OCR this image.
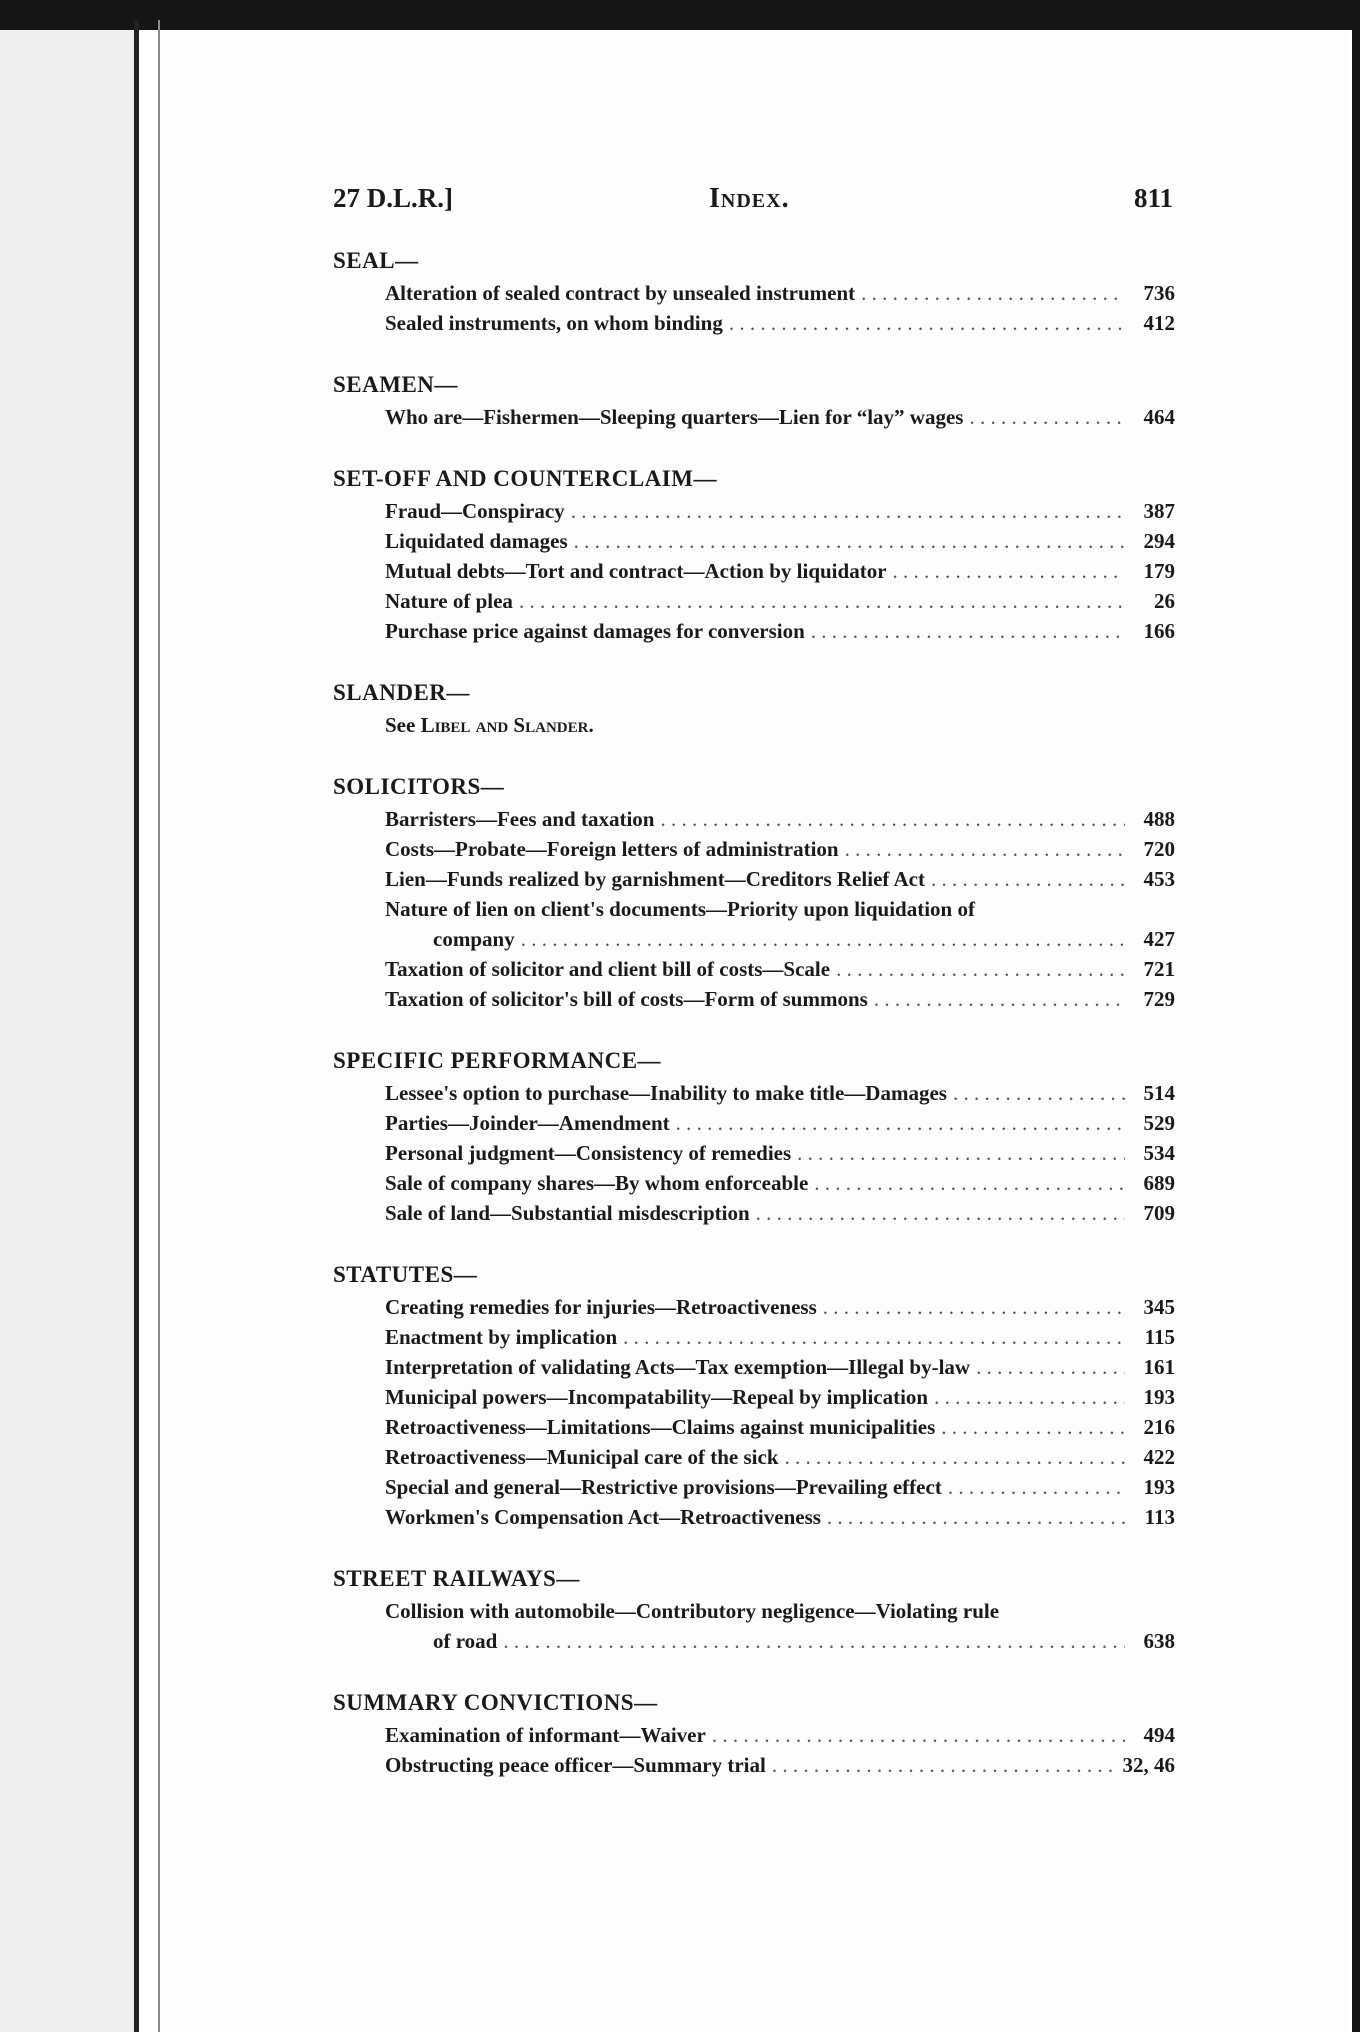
27 D.L.R.]	Index.	811
SEAL—
Alteration of sealed contract by unsealed instrument . . .	736
Sealed instruments, on whom binding . . .	412
SEAMEN—
Who are—Fishermen—Sleeping quarters—Lien for “lay” wages . . .	464
SET-OFF AND COUNTERCLAIM—
Fraud—Conspiracy . . .	387
Liquidated damages . . .	294
Mutual debts—Tort and contract—Action by liquidator . . .	179
Nature of plea . . .	26
Purchase price against damages for conversion . . .	166
SLANDER—
See Libel and Slander.
SOLICITORS—
Barristers—Fees and taxation . . .	488
Costs—Probate—Foreign letters of administration . . .	720
Lien—Funds realized by garnishment—Creditors Relief Act . . .	453
Nature of lien on client's documents—Priority upon liquidation of
company . . .	427
Taxation of solicitor and client bill of costs—Scale . . .	721
Taxation of solicitor's bill of costs—Form of summons . . .	729
SPECIFIC PERFORMANCE—
Lessee's option to purchase—Inability to make title—Damages . . .	514
Parties—Joinder—Amendment . . .	529
Personal judgment—Consistency of remedies . . .	534
Sale of company shares—By whom enforceable . . .	689
Sale of land—Substantial misdescription . . .	709
STATUTES—
Creating remedies for injuries—Retroactiveness . . .	345
Enactment by implication . . .	115
Interpretation of validating Acts—Tax exemption—Illegal by-law . . .	161
Municipal powers—Incompatability—Repeal by implication . . .	193
Retroactiveness—Limitations—Claims against municipalities . . .	216
Retroactiveness—Municipal care of the sick . . .	422
Special and general—Restrictive provisions—Prevailing effect . . .	193
Workmen's Compensation Act—Retroactiveness . . .	113
STREET RAILWAYS—
Collision with automobile—Contributory negligence—Violating rule
of road . . .	638
SUMMARY CONVICTIONS—
Examination of informant—Waiver . . .	494
Obstructing peace officer—Summary trial . . .	32, 46
